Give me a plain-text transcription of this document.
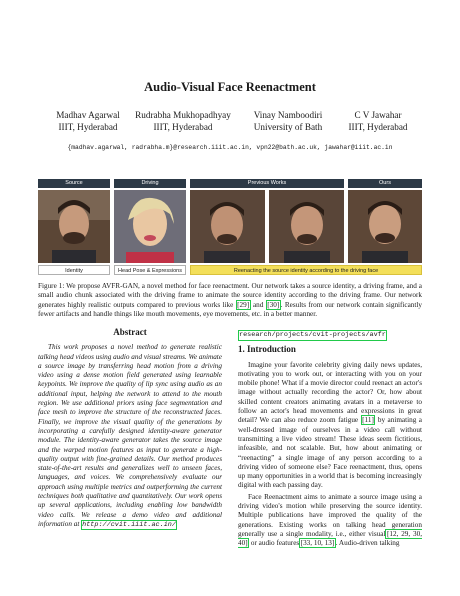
Audio-Visual Face Reenactment
Madhav Agarwal
IIIT, Hyderabad
Rudrabha Mukhopadhyay
IIIT, Hyderabad
Vinay Namboodiri
University of Bath
C V Jawahar
IIIT, Hyderabad
{madhav.agarwal, radrabha.m}@research.iiit.ac.in, vpn22@bath.ac.uk, jawahar@iiit.ac.in
Source	Driving	Previous Works	Ours
Identity	Head Pose & Expressions	Reenacting the source identity according to the driving face
Figure 1: We propose AVFR-GAN, a novel method for face reenactment. Our network takes a source identity, a driving frame, and a small audio chunk associated with the driving frame to animate the source identity according to the driving frame. Our network generates highly realistic outputs compared to previous works like [29] and [30] . Results from our network contain significantly fewer artifacts and handle things like mouth movements, eye movements, etc. in a better manner.
Abstract
This work proposes a novel method to generate realistic talking head videos using audio and visual streams. We animate a source image by transferring head motion from a driving video using a dense motion field generated using learnable keypoints. We improve the quality of lip sync using audio as an additional input, helping the network to attend to the mouth region. We use additional priors using face segmentation and face mesh to improve the structure of the reconstructed faces. Finally, we improve the visual quality of the generations by incorporating a carefully designed identity-aware generator module. The identity-aware generator takes the source image and the warped motion features as input to generate a high-quality output with fine-grained details. Our method produces state-of-the-art results and generalizes well to unseen faces, languages, and voices. We comprehensively evaluate our approach using multiple metrics and outperforming the current techniques both qualitative and quantitatively. Our work opens up several applications, including enabling low bandwidth video calls. We release a demo video and additional information at http://cvit.iiit.ac.in/
research/projects/cvit-projects/avfr
1. Introduction

Imagine your favorite celebrity giving daily news updates, motivating you to work out, or interacting with you on your mobile phone! What if a movie director could reenact an actor's image without actually recording the actor? Or, how about skilled content creators animating avatars in a metaverse to follow an actor's head movements and expressions in great detail? We can also reduce zoom fatigue [11] by animating a well-dressed image of ourselves in a video call without transmitting a live video stream! These ideas seem fictitious, infeasible, and not scalable. But, how about animating or “reenacting” a single image of any person according to a driving video of someone else? Face reenactment, thus, opens up many opportunities in a world that is becoming increasingly digital with each passing day.

Face Reenactment aims to animate a source image using a driving video's motion while preserving the source identity. Multiple publications have improved the quality of the generations. Existing works on talking head generation generally use a single modality, i.e., either visual [12, 29, 30, 40] or audio features [33, 10, 13] . Audio-driven talking
